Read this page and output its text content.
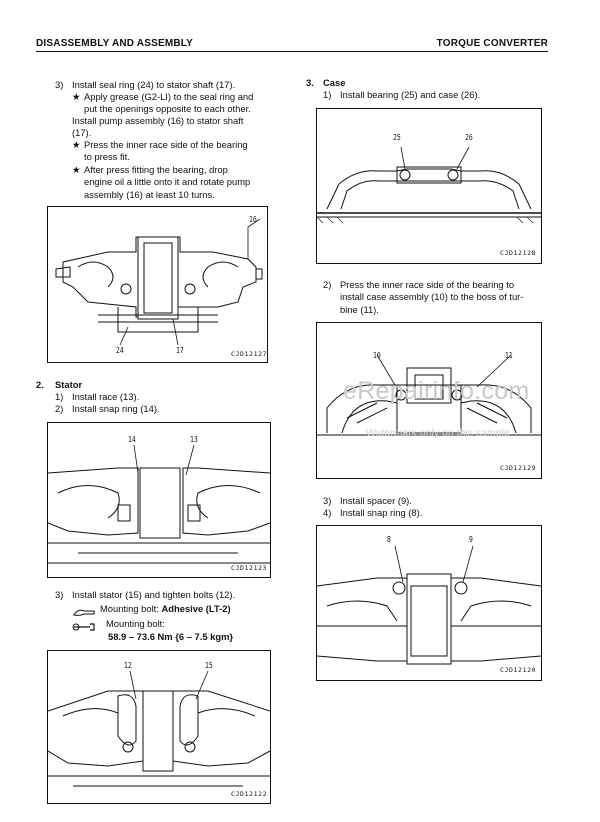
DISASSEMBLY AND ASSEMBLY	TORQUE CONVERTER
3) Install seal ring (24) to stator shaft (17).
★ Apply grease (G2-LI) to the seal ring and
put the openings opposite to each other.
Install pump assembly (16) to stator shaft
(17).
★ Press the inner race side of the bearing
to press fit.
★ After press fitting the bearing, drop
engine oil a little onto it and rotate pump
assembly (16) at least 10 turns.
16
24	17	CJD12127
2. Stator
1) Install race (13).
2) Install snap ring (14).
14	13
CJD12123
3) Install stator (15) and tighten bolts (12).
Mounting bolt: Adhesive (LT-2)
Mounting bolt:
58.9 – 73.6 Nm {6 – 7.5 kgm}
12	15
CJD12122
3. Case
1) Install bearing (25) and case (26).
25	26
CJD12128
2) Press the inner race side of the bearing to
install case assembly (10) to the boss of tur-
bine (11).
10	11
CJD12129
eRepairinfo.com
Watermark only on this sample
3) Install spacer (9).
4) Install snap ring (8).
8	9
CJD12120
